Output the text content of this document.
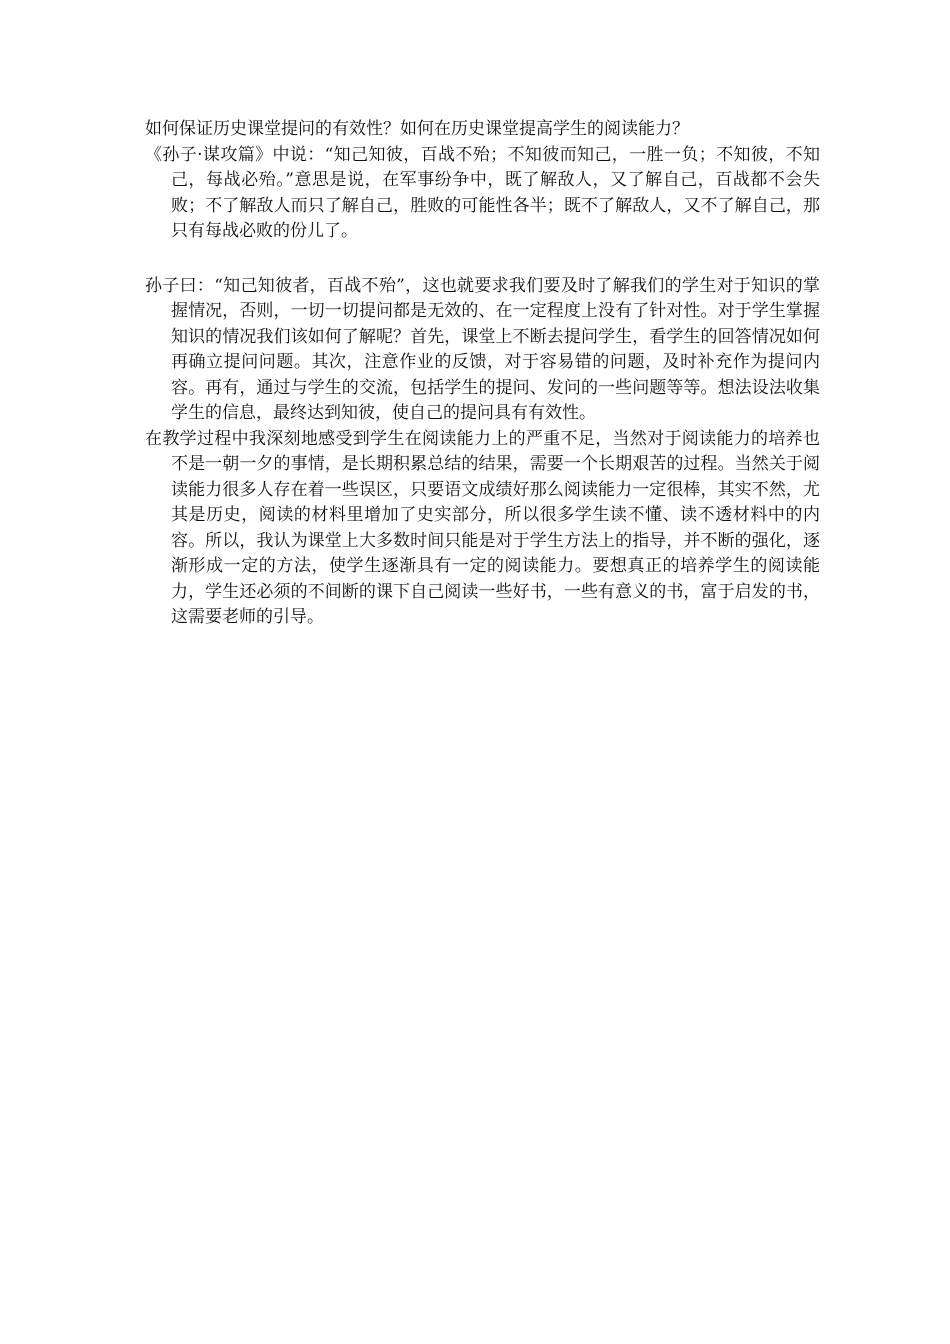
如何保证历史课堂提问的有效性？如何在历史课堂提高学生的阅读能力？

《孙子·谋攻篇》中说：“知己知彼，百战不殆；不知彼而知己，一胜一负；不知彼，不知己，每战必殆。”意思是说，在军事纷争中，既了解敌人，又了解自己，百战都不会失败；不了解敌人而只了解自己，胜败的可能性各半；既不了解敌人，又不了解自己，那只有每战必败的份儿了。

孙子曰：“知己知彼者，百战不殆”，这也就要求我们要及时了解我们的学生对于知识的掌握情况，否则，一切一切提问都是无效的、在一定程度上没有了针对性。对于学生掌握知识的情况我们该如何了解呢？首先，课堂上不断去提问学生，看学生的回答情况如何再确立提问问题。其次，注意作业的反馈，对于容易错的问题，及时补充作为提问内容。再有，通过与学生的交流，包括学生的提问、发问的一些问题等等。想法设法收集学生的信息，最终达到知彼，使自己的提问具有有效性。

在教学过程中我深刻地感受到学生在阅读能力上的严重不足，当然对于阅读能力的培养也不是一朝一夕的事情，是长期积累总结的结果，需要一个长期艰苦的过程。当然关于阅读能力很多人存在着一些误区，只要语文成绩好那么阅读能力一定很棒，其实不然，尤其是历史，阅读的材料里增加了史实部分，所以很多学生读不懂、读不透材料中的内容。所以，我认为课堂上大多数时间只能是对于学生方法上的指导，并不断的强化，逐渐形成一定的方法，使学生逐渐具有一定的阅读能力。要想真正的培养学生的阅读能力，学生还必须的不间断的课下自己阅读一些好书，一些有意义的书，富于启发的书，这需要老师的引导。
